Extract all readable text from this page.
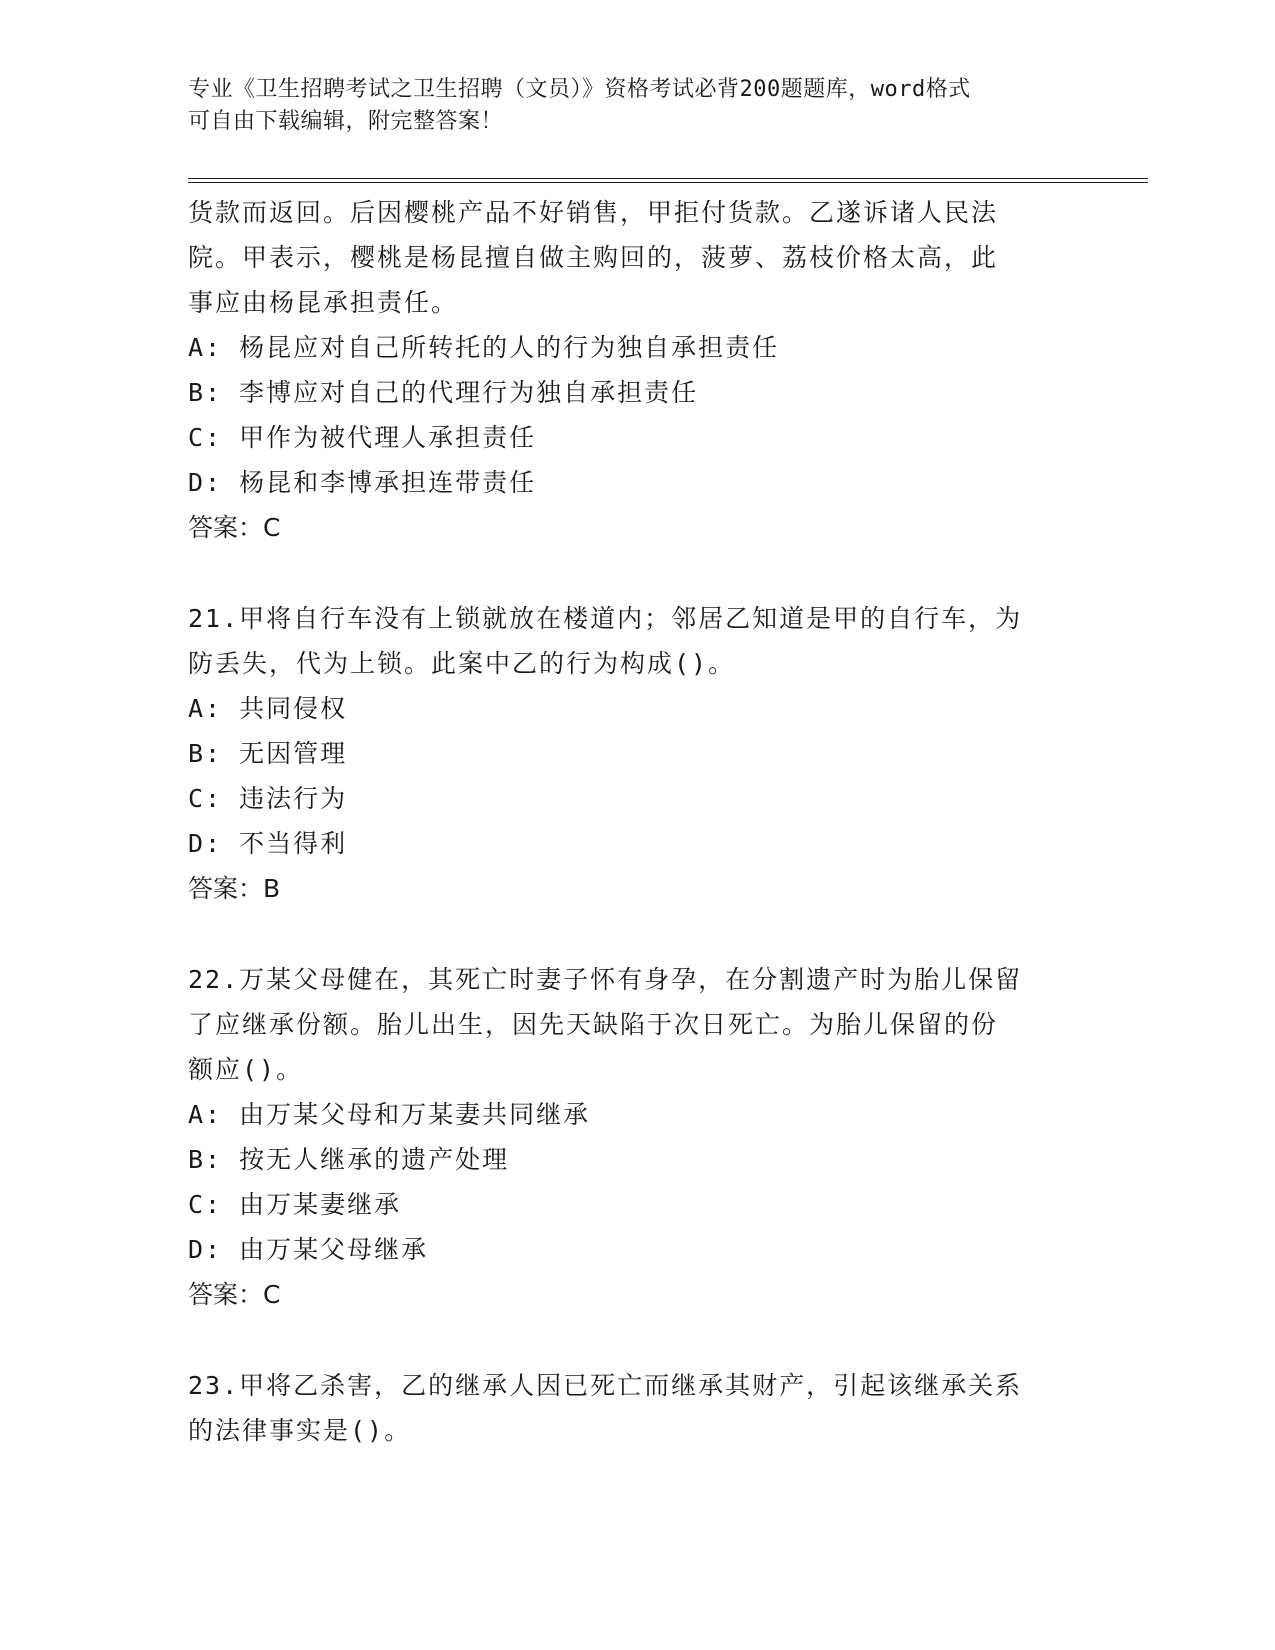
专业《卫生招聘考试之卫生招聘（文员）》资格考试必背200题题库，word格式
可自由下载编辑，附完整答案！
货款而返回。后因樱桃产品不好销售，甲拒付货款。乙遂诉诸人民法
院。甲表示，樱桃是杨昆擅自做主购回的，菠萝、荔枝价格太高，此
事应由杨昆承担责任。
A: 杨昆应对自己所转托的人的行为独自承担责任
B: 李博应对自己的代理行为独自承担责任
C: 甲作为被代理人承担责任
D: 杨昆和李博承担连带责任
答案：C
21.甲将自行车没有上锁就放在楼道内；邻居乙知道是甲的自行车，为
防丢失，代为上锁。此案中乙的行为构成()。
A: 共同侵权
B: 无因管理
C: 违法行为
D: 不当得利
答案：B
22.万某父母健在，其死亡时妻子怀有身孕，在分割遗产时为胎儿保留
了应继承份额。胎儿出生，因先天缺陷于次日死亡。为胎儿保留的份
额应()。
A: 由万某父母和万某妻共同继承
B: 按无人继承的遗产处理
C: 由万某妻继承
D: 由万某父母继承
答案：C
23.甲将乙杀害，乙的继承人因已死亡而继承其财产，引起该继承关系
的法律事实是()。
